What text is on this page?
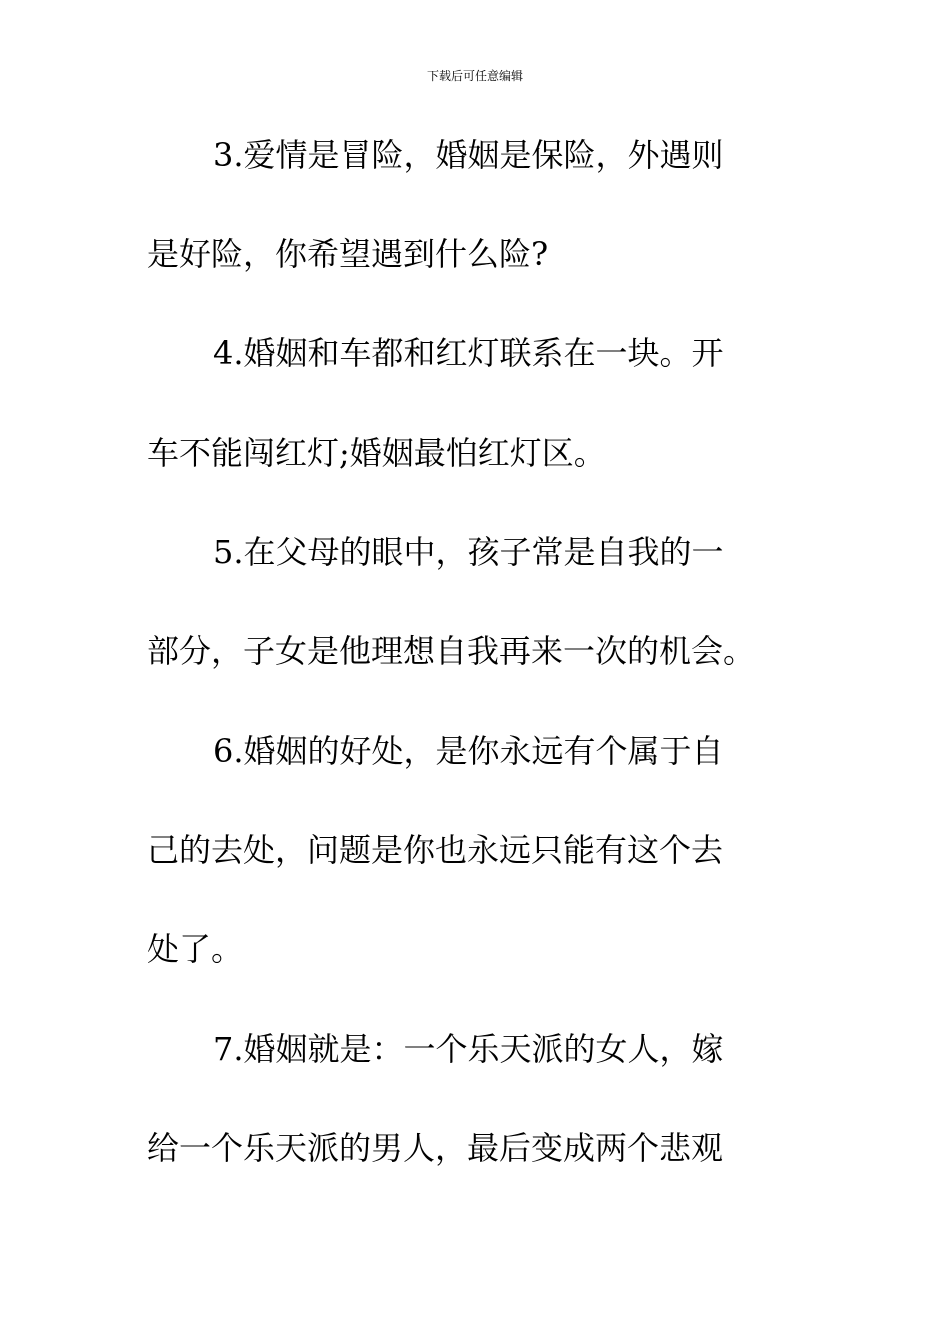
下载后可任意编辑
3.爱情是冒险，婚姻是保险，外遇则
是好险，你希望遇到什么险?
4.婚姻和车都和红灯联系在一块。开
车不能闯红灯;婚姻最怕红灯区。
5.在父母的眼中，孩子常是自我的一
部分，子女是他理想自我再来一次的机会。
6.婚姻的好处，是你永远有个属于自
己的去处，问题是你也永远只能有这个去
处了。
7.婚姻就是：一个乐天派的女人，嫁
给一个乐天派的男人，最后变成两个悲观
